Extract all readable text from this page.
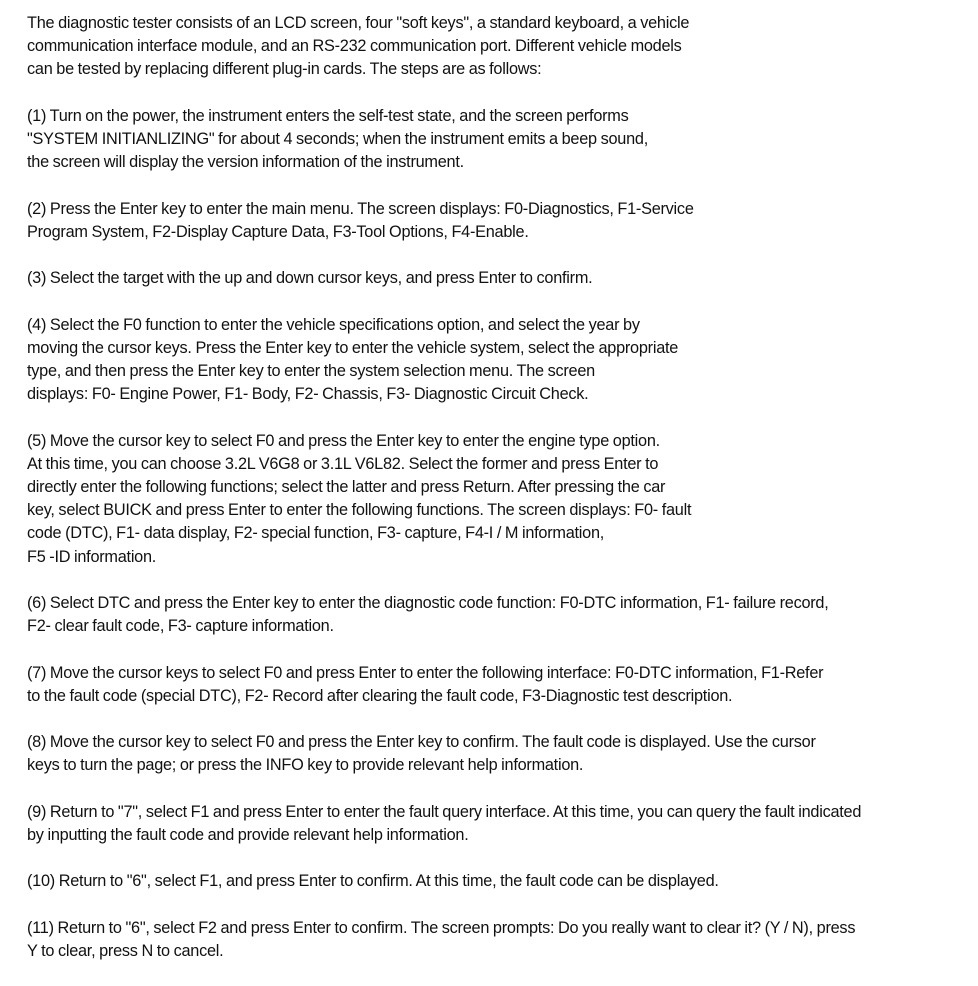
The diagnostic tester consists of an LCD screen, four "soft keys", a standard keyboard, a vehicle
communication interface module, and an RS-232 communication port. Different vehicle models
can be tested by replacing different plug-in cards. The steps are as follows:
(1) Turn on the power, the instrument enters the self-test state, and the screen performs
"SYSTEM INITIANLIZING" for about 4 seconds; when the instrument emits a beep sound,
the screen will display the version information of the instrument.
(2) Press the Enter key to enter the main menu. The screen displays: F0-Diagnostics, F1-Service
Program System, F2-Display Capture Data, F3-Tool Options, F4-Enable.
(3) Select the target with the up and down cursor keys, and press Enter to confirm.
(4) Select the F0 function to enter the vehicle specifications option, and select the year by
moving the cursor keys. Press the Enter key to enter the vehicle system, select the appropriate
type, and then press the Enter key to enter the system selection menu. The screen
displays: F0- Engine Power, F1- Body, F2- Chassis, F3- Diagnostic Circuit Check.
(5) Move the cursor key to select F0 and press the Enter key to enter the engine type option.
At this time, you can choose 3.2L V6G8 or 3.1L V6L82. Select the former and press Enter to
directly enter the following functions; select the latter and press Return. After pressing the car
key, select BUICK and press Enter to enter the following functions. The screen displays: F0- fault
code (DTC), F1- data display, F2- special function, F3- capture, F4-I / M information,
F5 -ID information.
(6) Select DTC and press the Enter key to enter the diagnostic code function: F0-DTC information, F1- failure record,
F2- clear fault code, F3- capture information.
(7) Move the cursor keys to select F0 and press Enter to enter the following interface: F0-DTC information, F1-Refer
to the fault code (special DTC), F2- Record after clearing the fault code, F3-Diagnostic test description.
(8) Move the cursor key to select F0 and press the Enter key to confirm. The fault code is displayed. Use the cursor
keys to turn the page; or press the INFO key to provide relevant help information.
(9) Return to "7", select F1 and press Enter to enter the fault query interface. At this time, you can query the fault indicated
by inputting the fault code and provide relevant help information.
(10) Return to "6", select F1, and press Enter to confirm. At this time, the fault code can be displayed.
(11) Return to "6", select F2 and press Enter to confirm. The screen prompts: Do you really want to clear it? (Y / N), press
Y to clear, press N to cancel.
